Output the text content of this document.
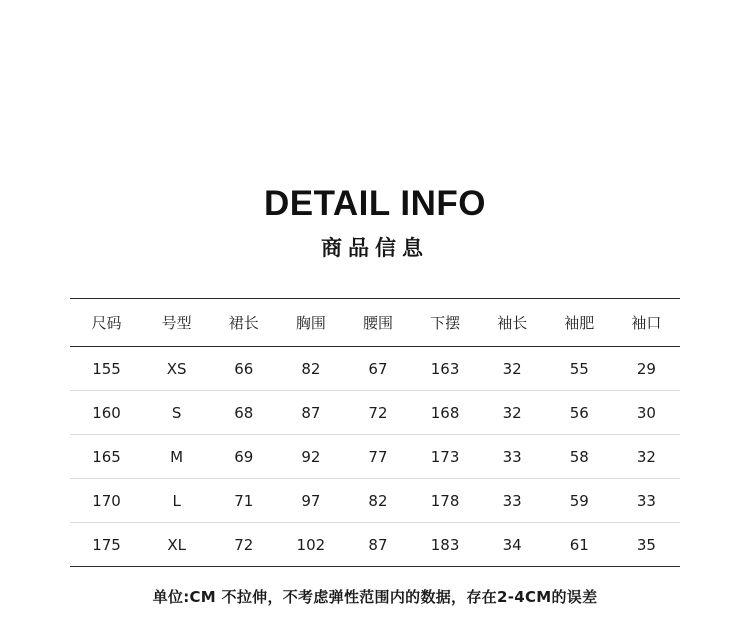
DETAIL INFO
商品信息
尺码	号型	裙长	胸围	腰围	下摆	袖长	袖肥	袖口
155	XS	66	82	67	163	32	55	29
160	S	68	87	72	168	32	56	30
165	M	69	92	77	173	33	58	32
170	L	71	97	82	178	33	59	33
175	XL	72	102	87	183	34	61	35
单位:CM 不拉伸，不考虑弹性范围内的数据，存在2-4CM的误差
